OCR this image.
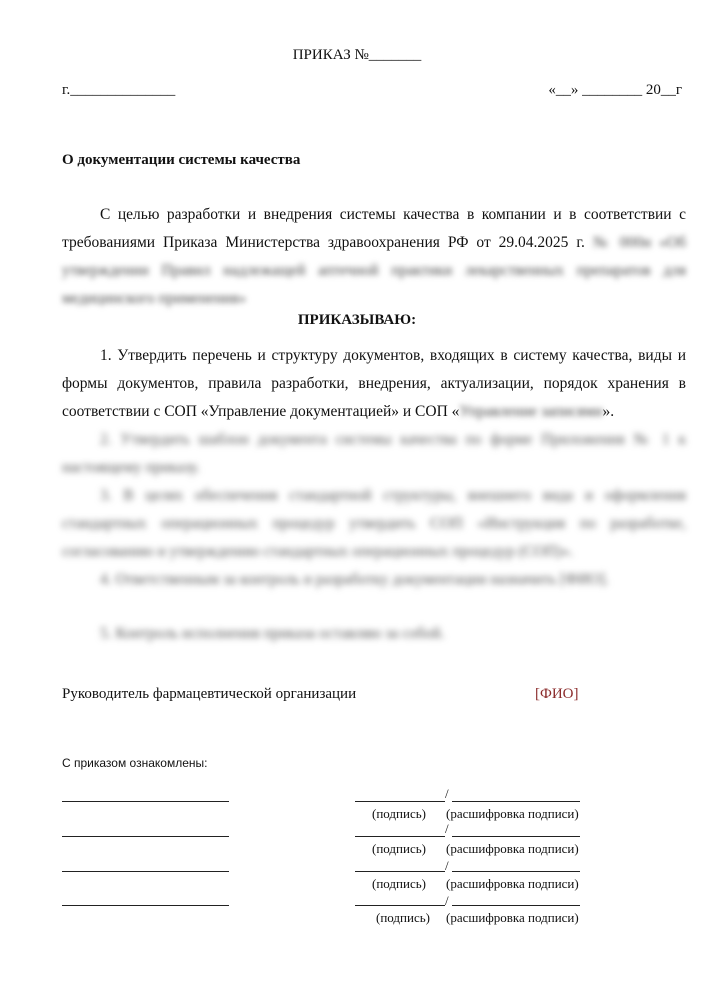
ПРИКАЗ №_______
г.______________	«__» ________ 20__г
О документации системы качества
С целью разработки и внедрения системы качества в компании и в соответствии с требованиями Приказа Министерства здравоохранения РФ от 29.04.2025 г. № 000н «Об утверждении Правил надлежащей аптечной практики лекарственных препаратов для медицинского применения»
ПРИКАЗЫВАЮ:
1. Утвердить перечень и структуру документов, входящих в систему качества, виды и формы документов, правила разработки, внедрения, актуализации, порядок хранения в соответствии с СОП «Управление документацией» и СОП «Управление записями».
2. Утвердить шаблон документа системы качества по форме Приложения № 1 к настоящему приказу.
3. В целях обеспечения стандартной структуры, внешнего вида и оформления стандартных операционных процедур утвердить СОП «Инструкция по разработке, согласованию и утверждению стандартных операционных процедур (СОП)».
4. Ответственным за контроль и разработку документации назначить [ФИО].
5. Контроль исполнения приказа оставляю за собой.
Руководитель фармацевтической организации	[ФИО]
С приказом ознакомлены:
/
(подпись) (расшифровка подписи)
/
(подпись) (расшифровка подписи)
/
(подпись) (расшифровка подписи)
/
(подпись) (расшифровка подписи)
